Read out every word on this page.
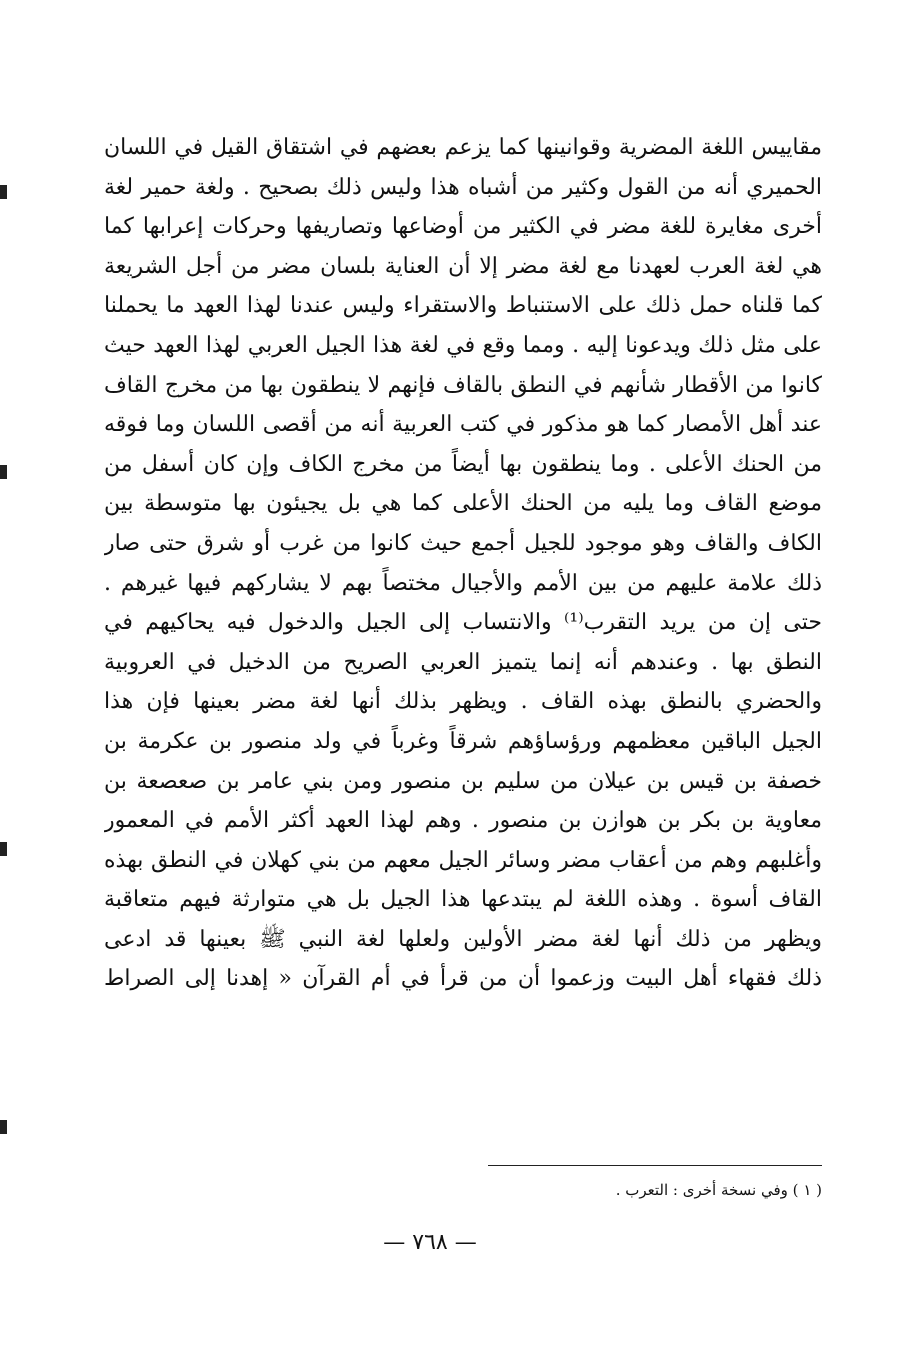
مقاييس اللغة المضرية وقوانينها كما يزعم بعضهم في اشتقاق القيل في اللسان
الحميري أنه من القول وكثير من أشباه هذا وليس ذلك بصحيح . ولغة حمير لغة
أخرى مغايرة للغة مضر في الكثير من أوضاعها وتصاريفها وحركات إعرابها كما
هي لغة العرب لعهدنا مع لغة مضر إلا أن العناية بلسان مضر من أجل الشريعة
كما قلناه حمل ذلك على الاستنباط والاستقراء وليس عندنا لهذا العهد ما يحملنا
على مثل ذلك ويدعونا إليه . ومما وقع في لغة هذا الجيل العربي لهذا العهد حيث
كانوا من الأقطار شأنهم في النطق بالقاف فإنهم لا ينطقون بها من مخرج القاف
عند أهل الأمصار كما هو مذكور في كتب العربية أنه من أقصى اللسان وما فوقه
من الحنك الأعلى . وما ينطقون بها أيضاً من مخرج الكاف وإن كان أسفل من
موضع القاف وما يليه من الحنك الأعلى كما هي بل يجيئون بها متوسطة بين
الكاف والقاف وهو موجود للجيل أجمع حيث كانوا من غرب أو شرق حتى صار
ذلك علامة عليهم من بين الأمم والأجيال مختصاً بهم لا يشاركهم فيها غيرهم .
حتى إن من يريد التقرب⁽¹⁾ والانتساب إلى الجيل والدخول فيه يحاكيهم في
النطق بها . وعندهم أنه إنما يتميز العربي الصريح من الدخيل في العروبية
والحضري بالنطق بهذه القاف . ويظهر بذلك أنها لغة مضر بعينها فإن هذا
الجيل الباقين معظمهم ورؤساؤهم شرقاً وغرباً في ولد منصور بن عكرمة بن
خصفة بن قيس بن عيلان من سليم بن منصور ومن بني عامر بن صعصعة بن
معاوية بن بكر بن هوازن بن منصور . وهم لهذا العهد أكثر الأمم في المعمور
وأغلبهم وهم من أعقاب مضر وسائر الجيل معهم من بني كهلان في النطق بهذه
القاف أسوة . وهذه اللغة لم يبتدعها هذا الجيل بل هي متوارثة فيهم متعاقبة
ويظهر من ذلك أنها لغة مضر الأولين ولعلها لغة النبي ﷺ بعينها قد ادعى
ذلك فقهاء أهل البيت وزعموا أن من قرأ في أم القرآن « إهدنا إلى الصراط
( ١ ) وفي نسخة أخرى : التعرب .
— ٧٦٨ —
